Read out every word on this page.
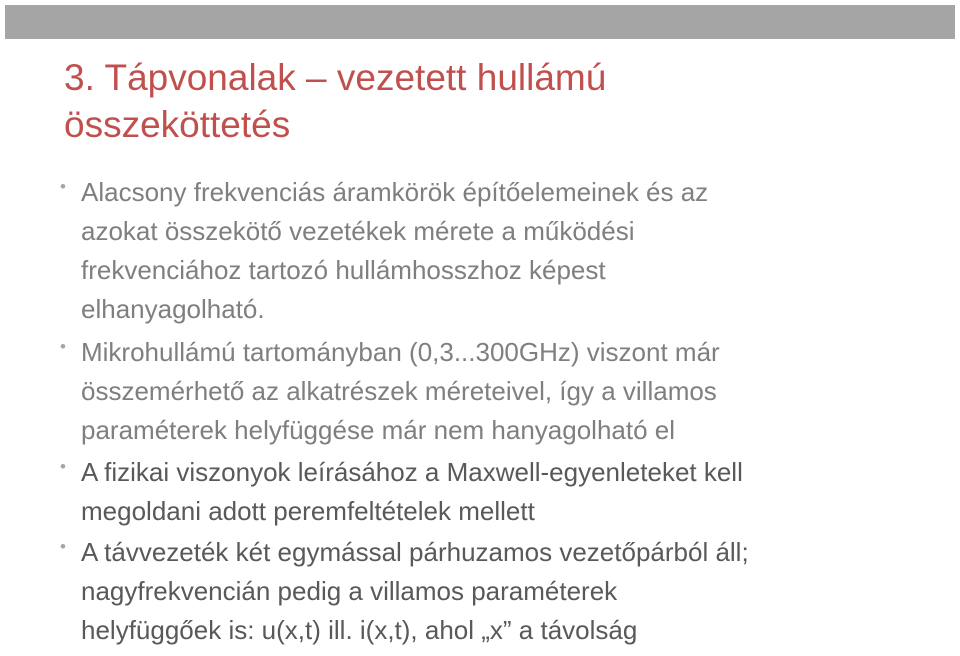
3. Tápvonalak – vezetett hullámú
összeköttetés
• Alacsony frekvenciás áramkörök építőelemeinek és az
azokat összekötő vezetékek mérete a működési
frekvenciához tartozó hullámhosszhoz képest
elhanyagolható.
• Mikrohullámú tartományban (0,3...300GHz) viszont már
összemérhető az alkatrészek méreteivel, így a villamos
paraméterek helyfüggése már nem hanyagolható el
• A fizikai viszonyok leírásához a Maxwell-egyenleteket kell
megoldani adott peremfeltételek mellett
• A távvezeték két egymással párhuzamos vezetőpárból áll;
nagyfrekvencián pedig a villamos paraméterek
helyfüggőek is: u(x,t) ill. i(x,t), ahol „x” a távolság
